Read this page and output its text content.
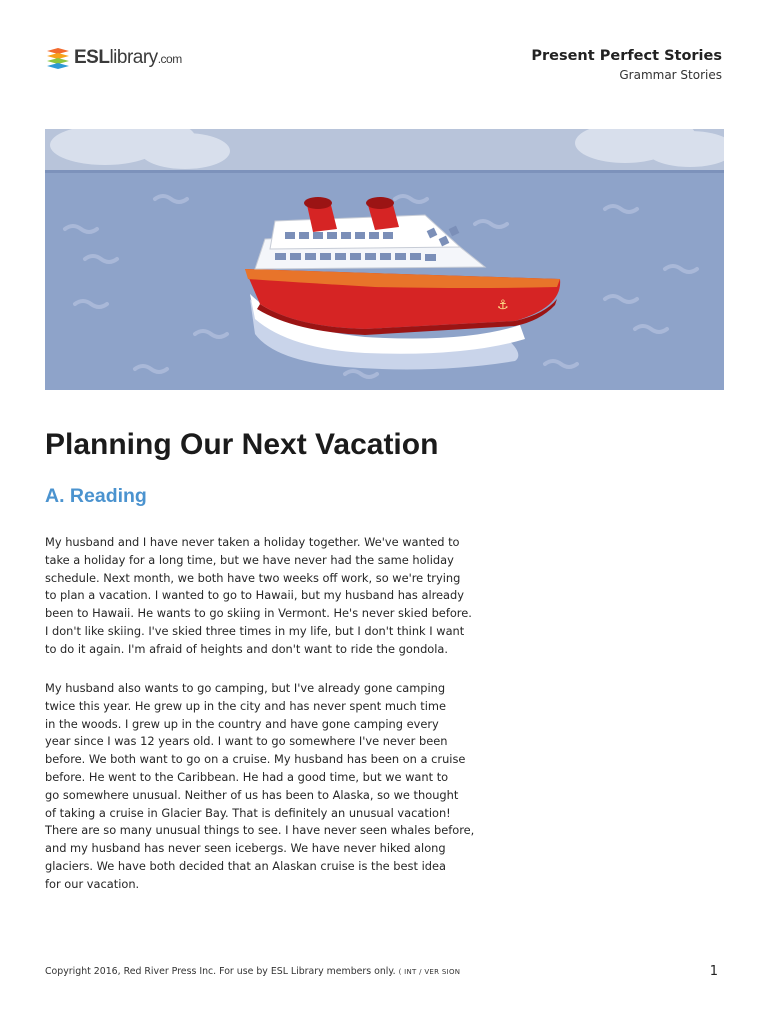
ESLlibrary.com	Present Perfect Stories
Grammar Stories
⚓
Planning Our Next Vacation
A. Reading
My husband and I have never taken a holiday together. We've wanted to
take a holiday for a long time, but we have never had the same holiday
schedule. Next month, we both have two weeks off work, so we're trying
to plan a vacation. I wanted to go to Hawaii, but my husband has already
been to Hawaii. He wants to go skiing in Vermont. He's never skied before.
I don't like skiing. I've skied three times in my life, but I don't think I want
to do it again. I'm afraid of heights and don't want to ride the gondola.
My husband also wants to go camping, but I've already gone camping
twice this year. He grew up in the city and has never spent much time
in the woods. I grew up in the country and have gone camping every
year since I was 12 years old. I want to go somewhere I've never been
before. We both want to go on a cruise. My husband has been on a cruise
before. He went to the Caribbean. He had a good time, but we want to
go somewhere unusual. Neither of us has been to Alaska, so we thought
of taking a cruise in Glacier Bay. That is definitely an unusual vacation!
There are so many unusual things to see. I have never seen whales before,
and my husband has never seen icebergs. We have never hiked along
glaciers. We have both decided that an Alaskan cruise is the best idea
for our vacation.
Copyright 2016, Red River Press Inc. For use by ESL Library members only. ( INT / VER SION	1
